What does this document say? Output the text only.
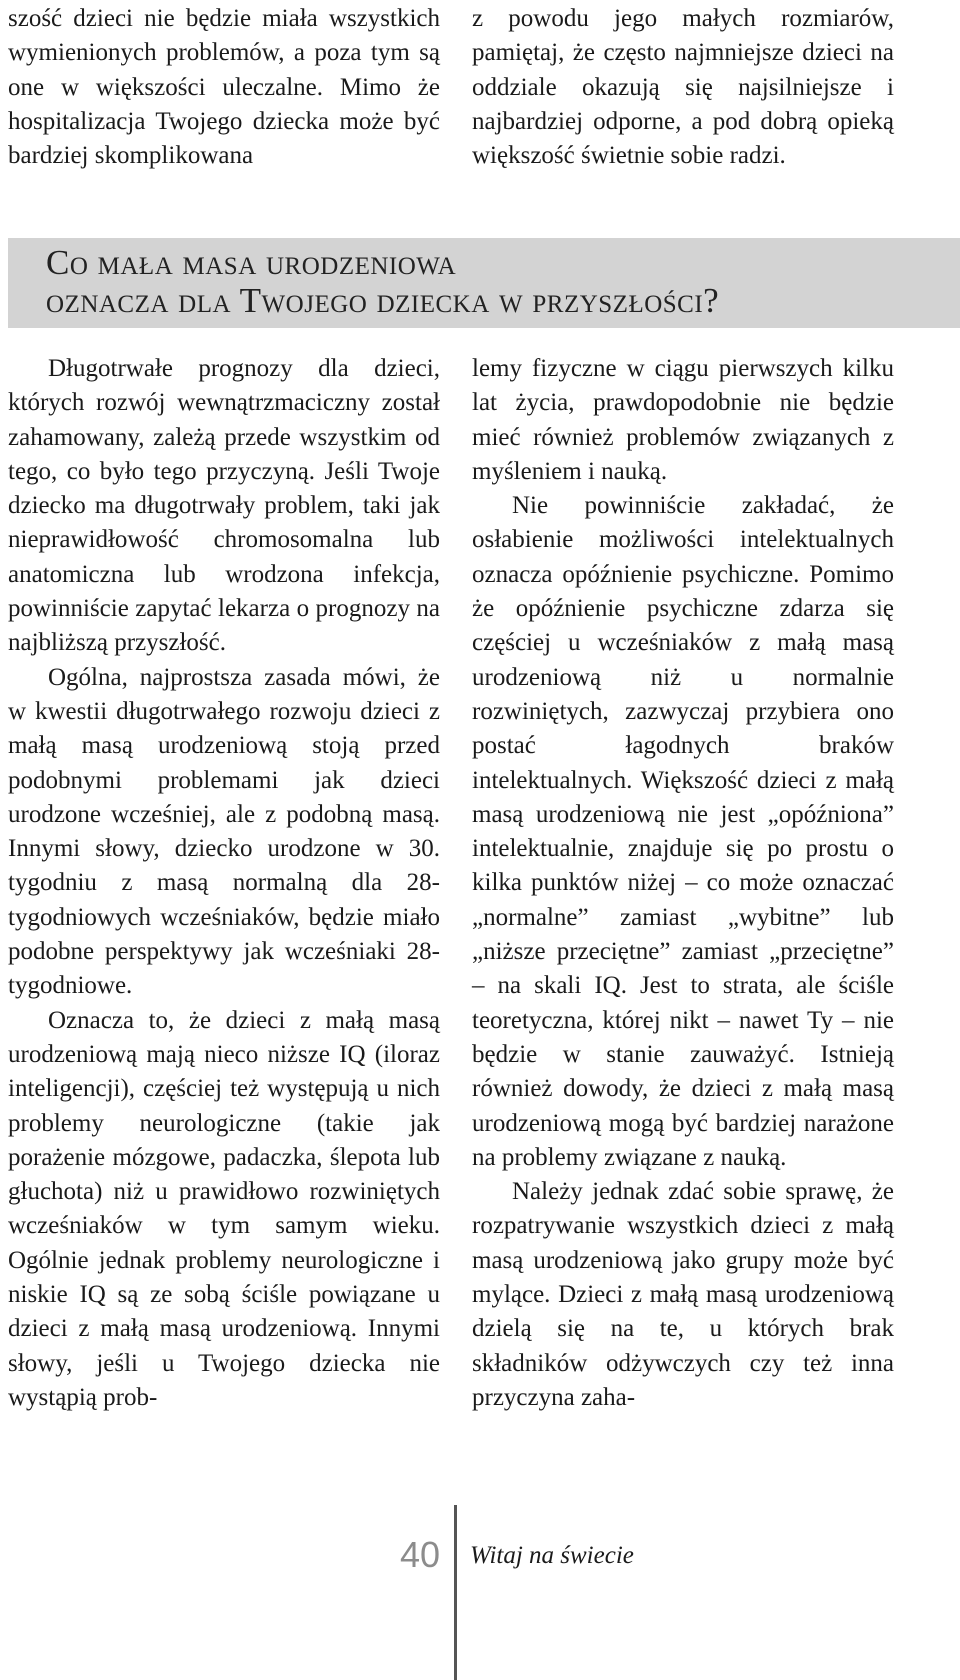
szość dzieci nie będzie miała wszystkich wymienionych problemów, a poza tym są one w większości uleczalne. Mimo że hospitalizacja Twojego dziecka może być bardziej skomplikowana

z powodu jego małych rozmiarów, pamiętaj, że często najmniejsze dzieci na oddziale okazują się najsilniejsze i najbardziej odporne, a pod dobrą opieką większość świetnie sobie radzi.

Co mała masa urodzeniowa
oznacza dla Twojego dziecka w przyszłości?

Długotrwałe prognozy dla dzieci, których rozwój wewnątrzmaciczny został zahamowany, zależą przede wszystkim od tego, co było tego przyczyną. Jeśli Twoje dziecko ma długotrwały problem, taki jak nieprawidłowość chromosomalna lub anatomiczna lub wrodzona infekcja, powinniście zapytać lekarza o prognozy na najbliższą przyszłość.

Ogólna, najprostsza zasada mówi, że w kwestii długotrwałego rozwoju dzieci z małą masą urodzeniową stoją przed podobnymi problemami jak dzieci urodzone wcześniej, ale z podobną masą. Innymi słowy, dziecko urodzone w 30. tygodniu z masą normalną dla 28-tygodniowych wcześniaków, będzie miało podobne perspektywy jak wcześniaki 28-tygodniowe.

Oznacza to, że dzieci z małą masą urodzeniową mają nieco niższe IQ (iloraz inteligencji), częściej też występują u nich problemy neurologiczne (takie jak porażenie mózgowe, padaczka, ślepota lub głuchota) niż u prawidłowo rozwiniętych wcześniaków w tym samym wieku. Ogólnie jednak problemy neurologiczne i niskie IQ są ze sobą ściśle powiązane u dzieci z małą masą urodzeniową. Innymi słowy, jeśli u Twojego dziecka nie wystąpią prob-

lemy fizyczne w ciągu pierwszych kilku lat życia, prawdopodobnie nie będzie mieć również problemów związanych z myśleniem i nauką.

Nie powinniście zakładać, że osłabienie możliwości intelektualnych oznacza opóźnienie psychiczne. Pomimo że opóźnienie psychiczne zdarza się częściej u wcześniaków z małą masą urodzeniową niż u normalnie rozwiniętych, zazwyczaj przybiera ono postać łagodnych braków intelektualnych. Większość dzieci z małą masą urodzeniową nie jest „opóźniona” intelektualnie, znajduje się po prostu o kilka punktów niżej – co może oznaczać „normalne” zamiast „wybitne” lub „niższe przeciętne” zamiast „przeciętne” – na skali IQ. Jest to strata, ale ściśle teoretyczna, której nikt – nawet Ty – nie będzie w stanie zauważyć. Istnieją również dowody, że dzieci z małą masą urodzeniową mogą być bardziej narażone na problemy związane z nauką.

Należy jednak zdać sobie sprawę, że rozpatrywanie wszystkich dzieci z małą masą urodzeniową jako grupy może być mylące. Dzieci z małą masą urodzeniową dzielą się na te, u których brak składników odżywczych czy też inna przyczyna zaha-

40 Witaj na świecie
